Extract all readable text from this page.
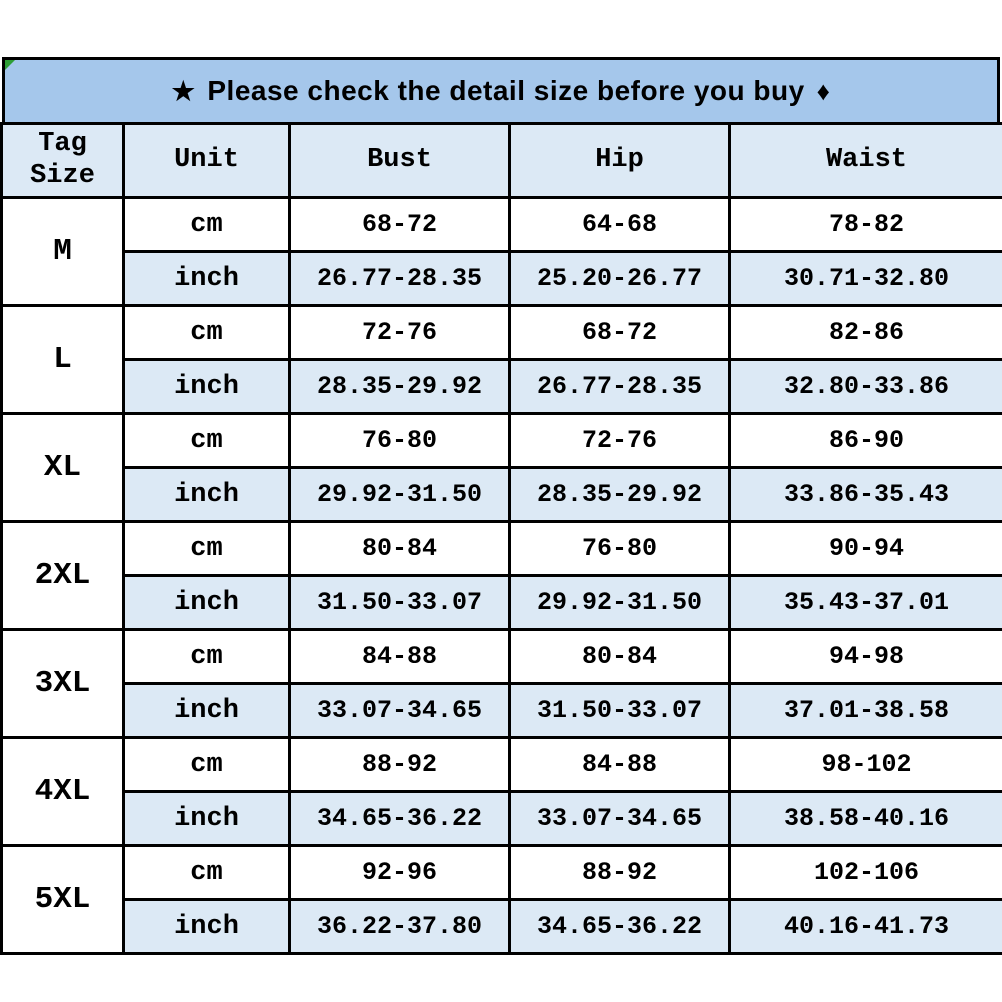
★ Please check the detail size before you buy ♦
Tag Size	Unit	Bust	Hip	Waist
M	cm	68-72	64-68	78-82
	inch	26.77-28.35	25.20-26.77	30.71-32.80
L	cm	72-76	68-72	82-86
	inch	28.35-29.92	26.77-28.35	32.80-33.86
XL	cm	76-80	72-76	86-90
	inch	29.92-31.50	28.35-29.92	33.86-35.43
2XL	cm	80-84	76-80	90-94
	inch	31.50-33.07	29.92-31.50	35.43-37.01
3XL	cm	84-88	80-84	94-98
	inch	33.07-34.65	31.50-33.07	37.01-38.58
4XL	cm	88-92	84-88	98-102
	inch	34.65-36.22	33.07-34.65	38.58-40.16
5XL	cm	92-96	88-92	102-106
	inch	36.22-37.80	34.65-36.22	40.16-41.73
